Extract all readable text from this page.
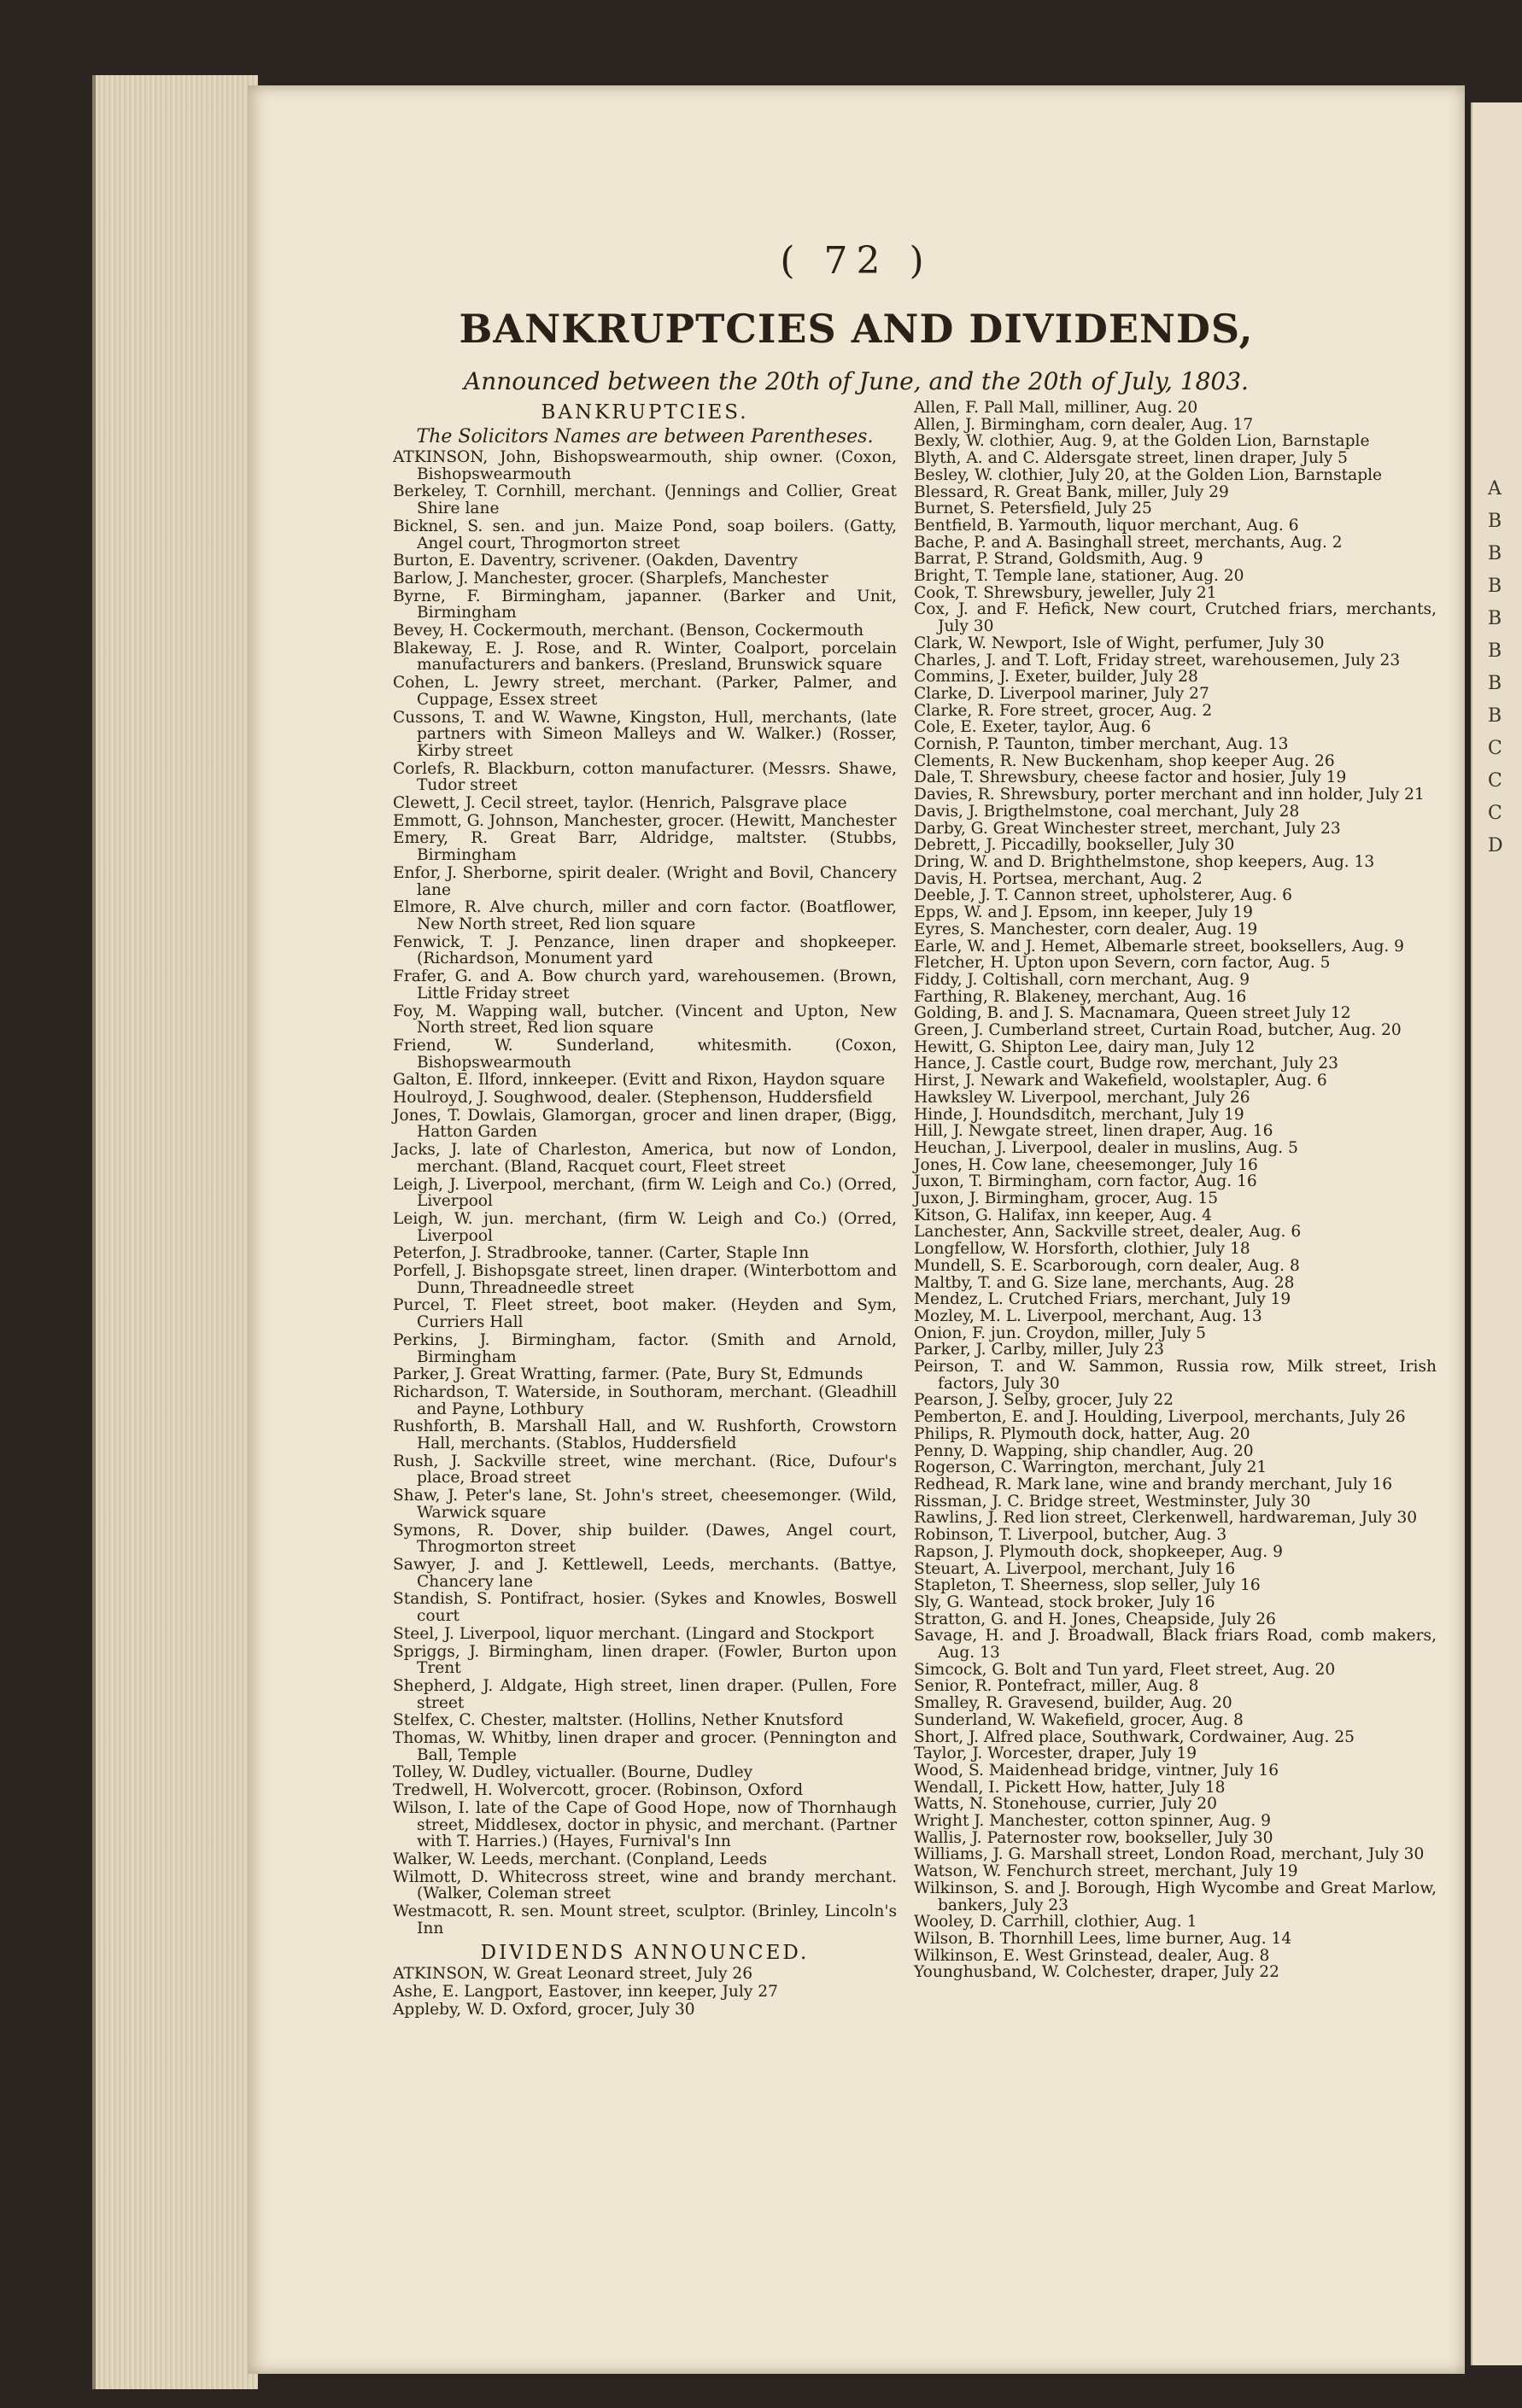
A
B
B
B
B
B
B
B
C
C
C
D
( 72 )
BANKRUPTCIES AND DIVIDENDS,
Announced between the 20th of June, and the 20th of July, 1803.

BANKRUPTCIES.

The Solicitors Names are between Parentheses.

ATKINSON, John, Bishopswearmouth, ship owner. (Coxon, Bishopswearmouth

Berkeley, T. Cornhill, merchant. (Jennings and Collier, Great Shire lane

Bicknel, S. sen. and jun. Maize Pond, soap boilers. (Gatty, Angel court, Throgmorton street

Burton, E. Daventry, scrivener. (Oakden, Daventry

Barlow, J. Manchester, grocer. (Sharplefs, Manchester

Byrne, F. Birmingham, japanner. (Barker and Unit, Birmingham

Bevey, H. Cockermouth, merchant. (Benson, Cockermouth

Blakeway, E. J. Rose, and R. Winter, Coalport, porcelain manufacturers and bankers. (Presland, Brunswick square

Cohen, L. Jewry street, merchant. (Parker, Palmer, and Cuppage, Essex street

Cussons, T. and W. Wawne, Kingston, Hull, merchants, (late partners with Simeon Malleys and W. Walker.) (Rosser, Kirby street

Corlefs, R. Blackburn, cotton manufacturer. (Messrs. Shawe, Tudor street

Clewett, J. Cecil street, taylor. (Henrich, Palsgrave place

Emmott, G. Johnson, Manchester, grocer. (Hewitt, Manchester

Emery, R. Great Barr, Aldridge, maltster. (Stubbs, Birmingham

Enfor, J. Sherborne, spirit dealer. (Wright and Bovil, Chancery lane

Elmore, R. Alve church, miller and corn factor. (Boatflower, New North street, Red lion square

Fenwick, T. J. Penzance, linen draper and shopkeeper. (Richardson, Monument yard

Frafer, G. and A. Bow church yard, warehousemen. (Brown, Little Friday street

Foy, M. Wapping wall, butcher. (Vincent and Upton, New North street, Red lion square

Friend, W. Sunderland, whitesmith. (Coxon, Bishopswearmouth

Galton, E. Ilford, innkeeper. (Evitt and Rixon, Haydon square

Houlroyd, J. Soughwood, dealer. (Stephenson, Huddersfield

Jones, T. Dowlais, Glamorgan, grocer and linen draper, (Bigg, Hatton Garden

Jacks, J. late of Charleston, America, but now of London, merchant. (Bland, Racquet court, Fleet street

Leigh, J. Liverpool, merchant, (firm W. Leigh and Co.) (Orred, Liverpool

Leigh, W. jun. merchant, (firm W. Leigh and Co.) (Orred, Liverpool

Peterfon, J. Stradbrooke, tanner. (Carter, Staple Inn

Porfell, J. Bishopsgate street, linen draper. (Winterbottom and Dunn, Threadneedle street

Purcel, T. Fleet street, boot maker. (Heyden and Sym, Curriers Hall

Perkins, J. Birmingham, factor. (Smith and Arnold, Birmingham

Parker, J. Great Wratting, farmer. (Pate, Bury St, Edmunds

Richardson, T. Waterside, in Southoram, merchant. (Gleadhill and Payne, Lothbury

Rushforth, B. Marshall Hall, and W. Rushforth, Crowstorn Hall, merchants. (Stablos, Huddersfield

Rush, J. Sackville street, wine merchant. (Rice, Dufour's place, Broad street

Shaw, J. Peter's lane, St. John's street, cheesemonger. (Wild, Warwick square

Symons, R. Dover, ship builder. (Dawes, Angel court, Throgmorton street

Sawyer, J. and J. Kettlewell, Leeds, merchants. (Battye, Chancery lane

Standish, S. Pontifract, hosier. (Sykes and Knowles, Boswell court

Steel, J. Liverpool, liquor merchant. (Lingard and Stockport

Spriggs, J. Birmingham, linen draper. (Fowler, Burton upon Trent

Shepherd, J. Aldgate, High street, linen draper. (Pullen, Fore street

Stelfex, C. Chester, maltster. (Hollins, Nether Knutsford

Thomas, W. Whitby, linen draper and grocer. (Pennington and Ball, Temple

Tolley, W. Dudley, victualler. (Bourne, Dudley

Tredwell, H. Wolvercott, grocer. (Robinson, Oxford

Wilson, I. late of the Cape of Good Hope, now of Thornhaugh street, Middlesex, doctor in physic, and merchant. (Partner with T. Harries.) (Hayes, Furnival's Inn

Walker, W. Leeds, merchant. (Conpland, Leeds

Wilmott, D. Whitecross street, wine and brandy merchant. (Walker, Coleman street

Westmacott, R. sen. Mount street, sculptor. (Brinley, Lincoln's Inn

DIVIDENDS ANNOUNCED.

ATKINSON, W. Great Leonard street, July 26

Ashe, E. Langport, Eastover, inn keeper, July 27

Appleby, W. D. Oxford, grocer, July 30

Allen, F. Pall Mall, milliner, Aug. 20

Allen, J. Birmingham, corn dealer, Aug. 17

Bexly, W. clothier, Aug. 9, at the Golden Lion, Barnstaple

Blyth, A. and C. Aldersgate street, linen draper, July 5

Besley, W. clothier, July 20, at the Golden Lion, Barnstaple

Blessard, R. Great Bank, miller, July 29

Burnet, S. Petersfield, July 25

Bentfield, B. Yarmouth, liquor merchant, Aug. 6

Bache, P. and A. Basinghall street, merchants, Aug. 2

Barrat, P. Strand, Goldsmith, Aug. 9

Bright, T. Temple lane, stationer, Aug. 20

Cook, T. Shrewsbury, jeweller, July 21

Cox, J. and F. Hefick, New court, Crutched friars, merchants, July 30

Clark, W. Newport, Isle of Wight, perfumer, July 30

Charles, J. and T. Loft, Friday street, warehousemen, July 23

Commins, J. Exeter, builder, July 28

Clarke, D. Liverpool mariner, July 27

Clarke, R. Fore street, grocer, Aug. 2

Cole, E. Exeter, taylor, Aug. 6

Cornish, P. Taunton, timber merchant, Aug. 13

Clements, R. New Buckenham, shop keeper Aug. 26

Dale, T. Shrewsbury, cheese factor and hosier, July 19

Davies, R. Shrewsbury, porter merchant and inn holder, July 21

Davis, J. Brigthelmstone, coal merchant, July 28

Darby, G. Great Winchester street, merchant, July 23

Debrett, J. Piccadilly, bookseller, July 30

Dring, W. and D. Brighthelmstone, shop keepers, Aug. 13

Davis, H. Portsea, merchant, Aug. 2

Deeble, J. T. Cannon street, upholsterer, Aug. 6

Epps, W. and J. Epsom, inn keeper, July 19

Eyres, S. Manchester, corn dealer, Aug. 19

Earle, W. and J. Hemet, Albemarle street, booksellers, Aug. 9

Fletcher, H. Upton upon Severn, corn factor, Aug. 5

Fiddy, J. Coltishall, corn merchant, Aug. 9

Farthing, R. Blakeney, merchant, Aug. 16

Golding, B. and J. S. Macnamara, Queen street July 12

Green, J. Cumberland street, Curtain Road, butcher, Aug. 20

Hewitt, G. Shipton Lee, dairy man, July 12

Hance, J. Castle court, Budge row, merchant, July 23

Hirst, J. Newark and Wakefield, woolstapler, Aug. 6

Hawksley W. Liverpool, merchant, July 26

Hinde, J. Houndsditch, merchant, July 19

Hill, J. Newgate street, linen draper, Aug. 16

Heuchan, J. Liverpool, dealer in muslins, Aug. 5

Jones, H. Cow lane, cheesemonger, July 16

Juxon, T. Birmingham, corn factor, Aug. 16

Juxon, J. Birmingham, grocer, Aug. 15

Kitson, G. Halifax, inn keeper, Aug. 4

Lanchester, Ann, Sackville street, dealer, Aug. 6

Longfellow, W. Horsforth, clothier, July 18

Mundell, S. E. Scarborough, corn dealer, Aug. 8

Maltby, T. and G. Size lane, merchants, Aug. 28

Mendez, L. Crutched Friars, merchant, July 19

Mozley, M. L. Liverpool, merchant, Aug. 13

Onion, F. jun. Croydon, miller, July 5

Parker, J. Carlby, miller, July 23

Peirson, T. and W. Sammon, Russia row, Milk street, Irish factors, July 30

Pearson, J. Selby, grocer, July 22

Pemberton, E. and J. Houlding, Liverpool, merchants, July 26

Philips, R. Plymouth dock, hatter, Aug. 20

Penny, D. Wapping, ship chandler, Aug. 20

Rogerson, C. Warrington, merchant, July 21

Redhead, R. Mark lane, wine and brandy merchant, July 16

Rissman, J. C. Bridge street, Westminster, July 30

Rawlins, J. Red lion street, Clerkenwell, hardwareman, July 30

Robinson, T. Liverpool, butcher, Aug. 3

Rapson, J. Plymouth dock, shopkeeper, Aug. 9

Steuart, A. Liverpool, merchant, July 16

Stapleton, T. Sheerness, slop seller, July 16

Sly, G. Wantead, stock broker, July 16

Stratton, G. and H. Jones, Cheapside, July 26

Savage, H. and J. Broadwall, Black friars Road, comb makers, Aug. 13

Simcock, G. Bolt and Tun yard, Fleet street, Aug. 20

Senior, R. Pontefract, miller, Aug. 8

Smalley, R. Gravesend, builder, Aug. 20

Sunderland, W. Wakefield, grocer, Aug. 8

Short, J. Alfred place, Southwark, Cordwainer, Aug. 25

Taylor, J. Worcester, draper, July 19

Wood, S. Maidenhead bridge, vintner, July 16

Wendall, I. Pickett How, hatter, July 18

Watts, N. Stonehouse, currier, July 20

Wright J. Manchester, cotton spinner, Aug. 9

Wallis, J. Paternoster row, bookseller, July 30

Williams, J. G. Marshall street, London Road, merchant, July 30

Watson, W. Fenchurch street, merchant, July 19

Wilkinson, S. and J. Borough, High Wycombe and Great Marlow, bankers, July 23

Wooley, D. Carrhill, clothier, Aug. 1

Wilson, B. Thornhill Lees, lime burner, Aug. 14

Wilkinson, E. West Grinstead, dealer, Aug. 8

Younghusband, W. Colchester, draper, July 22
